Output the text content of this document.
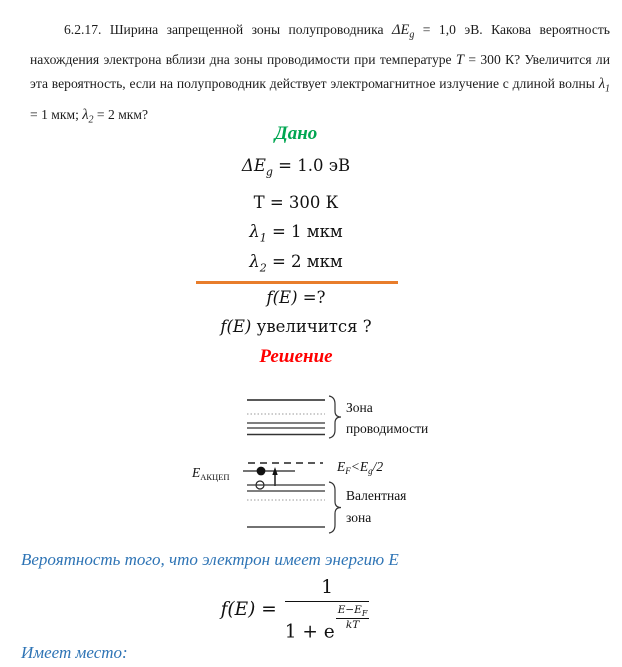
6.2.17. Ширина запрещенной зоны полупроводника $\Delta E_g = 1,0$ эВ. Какова вероятность нахождения электрона вблизи дна зоны проводимости при температуре T = 300 К? Увеличится ли эта вероятность, если на полупроводник действует электромагнитное излучение с длиной волны $\lambda_1 = 1$ мкм; $\lambda_2 = 2$ мкм?

Дано
$\Delta E_g = 1.0$ эВ
Т = 300 К
$\lambda_1 = 1$ мкм
$\lambda_2 = 2$ мкм
f(E) =?
f(E) увеличится ?
Решение
Зона
проводимости
$E_F<E_g/2$
$E_{АКЦЕП}$
Валентная
зона
Вероятность того, что электрон имеет энергию E
f(E) = 1
1 + e
$\frac{E-E_F}{kT}$
Имеет место:
